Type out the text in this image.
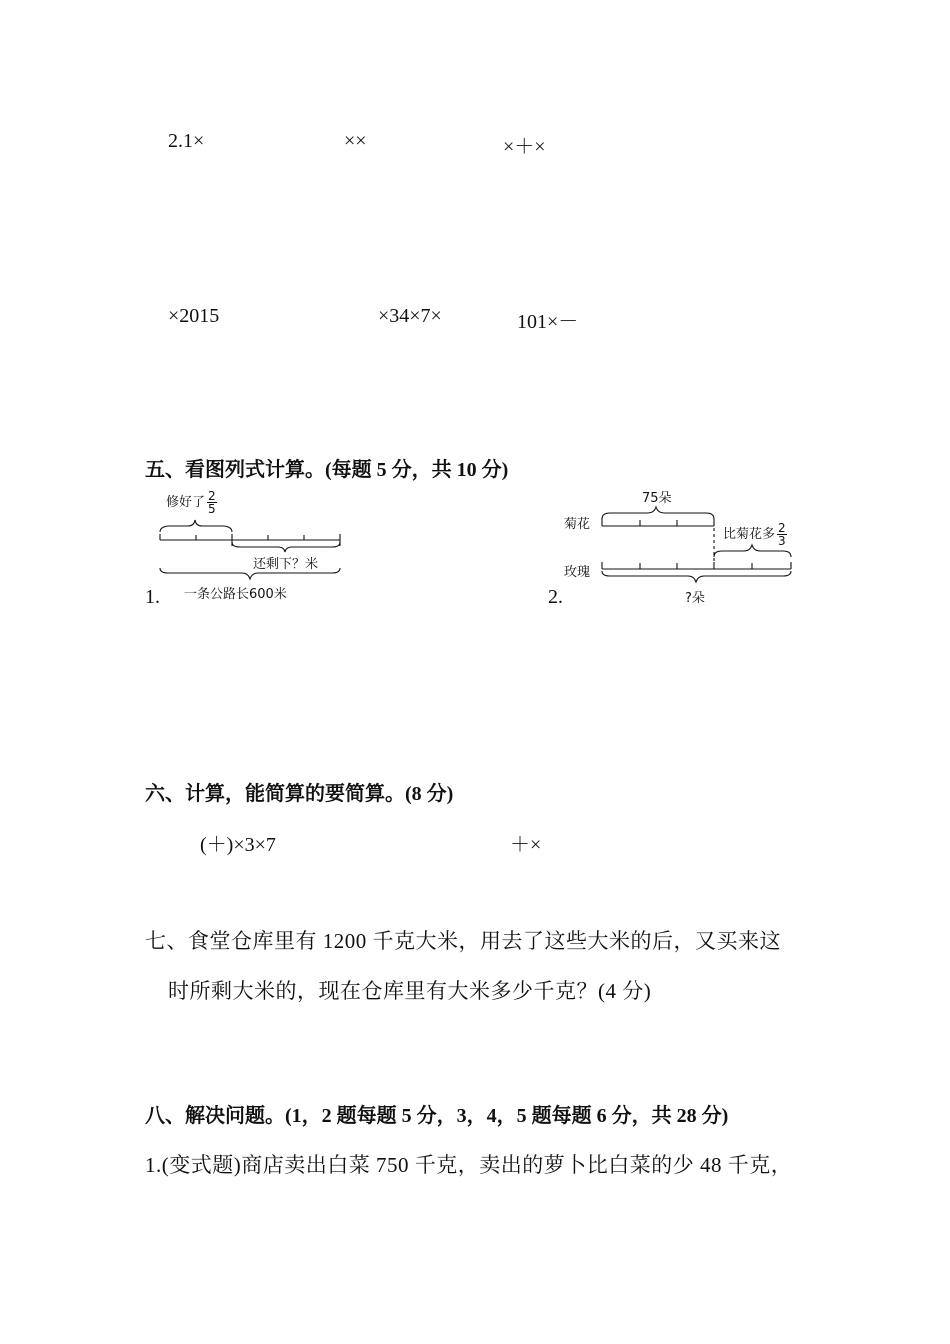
2.1×	××	×＋×
×2015	×34×7×	101×－
五、看图列式计算。(每题 5 分，共 10 分)
修好了 $\frac{2}{5}$
还剩下？米
1. 一条公路长600米
75朵
菊花
比菊花多 $\frac{2}{3}$
玫瑰
2.	?朵
六、计算，能简算的要简算。(8 分)
(＋)×3×7	＋×
七、食堂仓库里有 1200 千克大米，用去了这些大米的后，又买来这
时所剩大米的，现在仓库里有大米多少千克？(4 分)
八、解决问题。(1，2 题每题 5 分，3，4，5 题每题 6 分，共 28 分)
1.(变式题)商店卖出白菜 750 千克，卖出的萝卜比白菜的少 48 千克，
